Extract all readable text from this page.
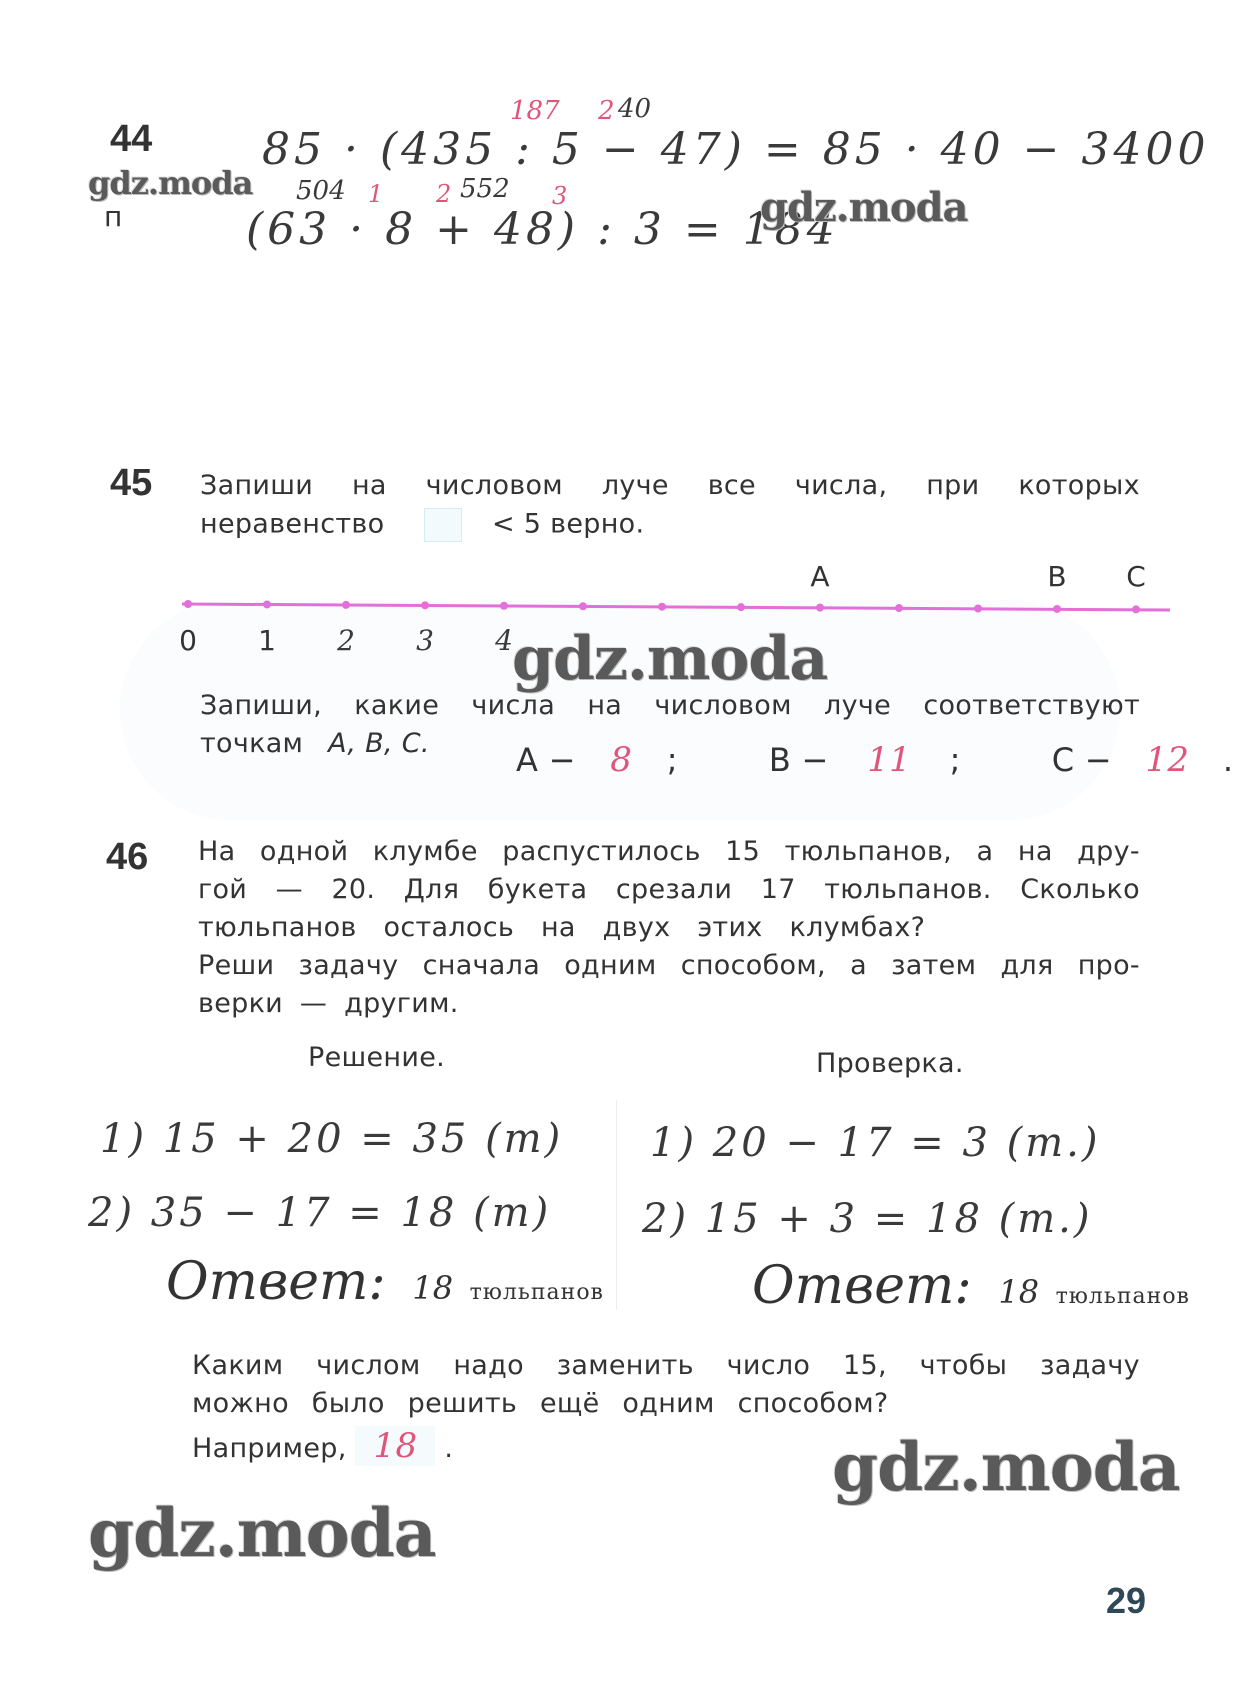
44
п
187 2 40
85 · (435 : 5 − 47) = 85 · 40 − 3400
504 1 2 552 3
(63 · 8 + 48) : 3 = 184
gdz.moda
gdz.moda
45 Запиши на числовом луче все числа, при которых
неравенство	< 5 верно.
0 1 2 3 4
A	B C
gdz.moda
Запиши, какие числа на числовом луче соответствуют
точкам A, B, C.	A − 8 ;	B − 11 ;	C − 12 .
46 На одной клумбе распустилось 15 тюльпанов, а на дру-
гой — 20. Для букета срезали 17 тюльпанов. Сколько
тюльпанов осталось на двух этих клумбах?
Реши задачу сначала одним способом, а затем для про-
верки — другим.
Решение.	Проверка.
1) 15 + 20 = 35 (т)
2) 35 − 17 = 18 (т)
1) 20 − 17 = 3 (т.)
2) 15 + 3 = 18 (т.)
Ответ: 18 тюльпанов	Ответ: 18 тюльпанов
Каким числом надо заменить число 15, чтобы задачу
можно было решить ещё одним способом?
Например, 18 .	gdz.moda
gdz.moda
29
